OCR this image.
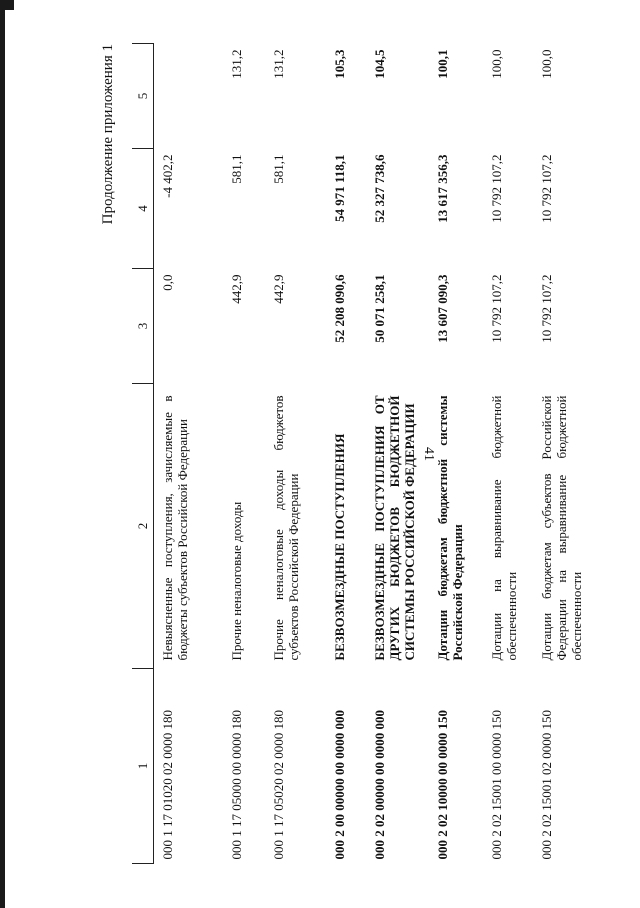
41
Продолжение приложения 1
1	2	3	4	5
000 1 17 01020 02 0000 180	Невыясненные поступления, зачисляемые в бюджеты субъектов Российской Федерации	0,0	-4 402,2	
000 1 17 05000 00 0000 180	Прочие неналоговые доходы	442,9	581,1	131,2
000 1 17 05020 02 0000 180	Прочие неналоговые доходы бюджетов субъектов Российской Федерации	442,9	581,1	131,2
000 2 00 00000 00 0000 000	БЕЗВОЗМЕЗДНЫЕ ПОСТУПЛЕНИЯ	52 208 090,6	54 971 118,1	105,3
000 2 02 00000 00 0000 000	БЕЗВОЗМЕЗДНЫЕ ПОСТУПЛЕНИЯ ОТ ДРУГИХ БЮДЖЕТОВ БЮДЖЕТНОЙ СИСТЕМЫ РОССИЙСКОЙ ФЕДЕРАЦИИ	50 071 258,1	52 327 738,6	104,5
000 2 02 10000 00 0000 150	Дотации бюджетам бюджетной системы Российской Федерации	13 607 090,3	13 617 356,3	100,1
000 2 02 15001 00 0000 150	Дотации на выравнивание бюджетной обеспеченности	10 792 107,2	10 792 107,2	100,0
000 2 02 15001 02 0000 150	Дотации бюджетам субъектов Российской Федерации на выравнивание бюджетной обеспеченности	10 792 107,2	10 792 107,2	100,0
